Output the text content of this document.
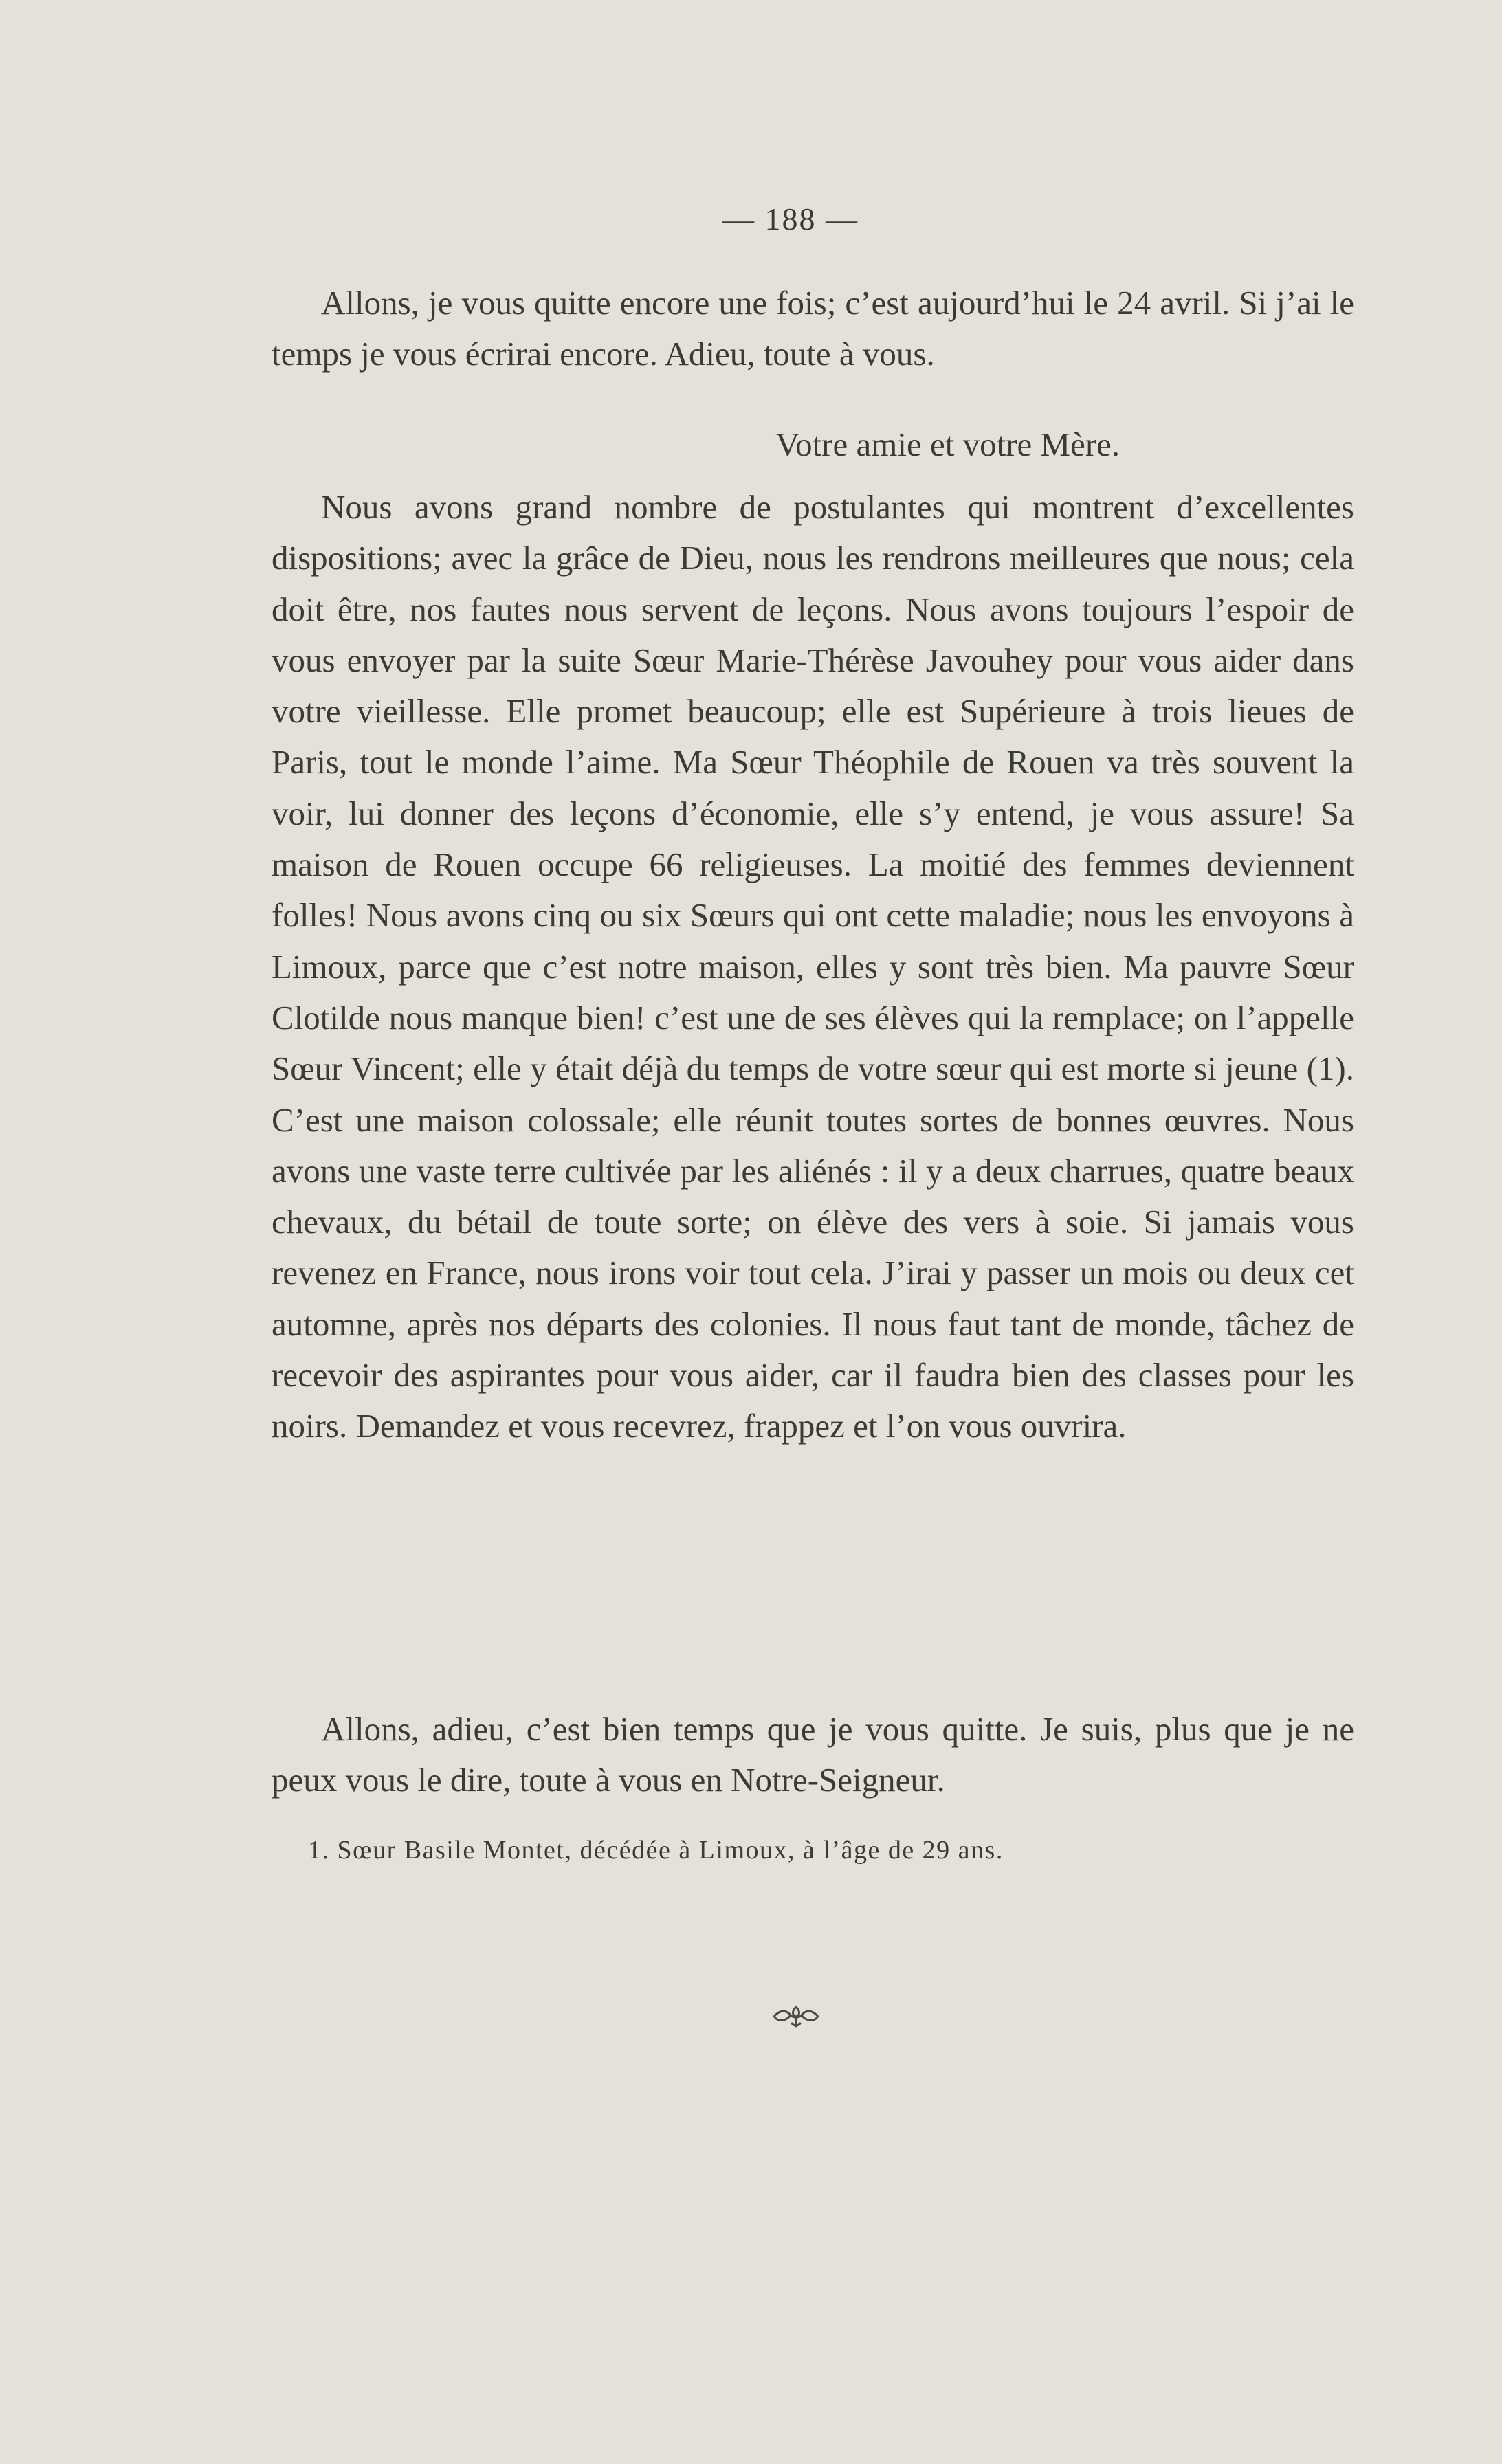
— 188 —

Allons, je vous quitte encore une fois; c’est aujourd’hui le 24 avril. Si j’ai le temps je vous écrirai encore. Adieu, toute à vous.

Votre amie et votre Mère.

Nous avons grand nombre de postulantes qui montrent d’excellentes dispositions; avec la grâce de Dieu, nous les rendrons meilleures que nous; cela doit être, nos fautes nous servent de leçons. Nous avons toujours l’espoir de vous envoyer par la suite Sœur Marie-Thérèse Javouhey pour vous aider dans votre vieillesse. Elle promet beaucoup; elle est Supérieure à trois lieues de Paris, tout le monde l’aime. Ma Sœur Théophile de Rouen va très souvent la voir, lui donner des leçons d’économie, elle s’y entend, je vous assure! Sa maison de Rouen occupe 66 religieuses. La moitié des femmes deviennent folles! Nous avons cinq ou six Sœurs qui ont cette maladie; nous les envoyons à Limoux, parce que c’est notre maison, elles y sont très bien. Ma pauvre Sœur Clotilde nous manque bien! c’est une de ses élèves qui la remplace; on l’appelle Sœur Vincent; elle y était déjà du temps de votre sœur qui est morte si jeune (1). C’est une maison colossale; elle réunit toutes sortes de bonnes œuvres. Nous avons une vaste terre cultivée par les aliénés : il y a deux charrues, quatre beaux chevaux, du bétail de toute sorte; on élève des vers à soie. Si jamais vous revenez en France, nous irons voir tout cela. J’irai y passer un mois ou deux cet automne, après nos départs des colonies. Il nous faut tant de monde, tâchez de recevoir des aspirantes pour vous aider, car il faudra bien des classes pour les noirs. Demandez et vous recevrez, frappez et l’on vous ouvrira.

Allons, adieu, c’est bien temps que je vous quitte. Je suis, plus que je ne peux vous le dire, toute à vous en Notre-Seigneur.

1. Sœur Basile Montet, décédée à Limoux, à l’âge de 29 ans.
